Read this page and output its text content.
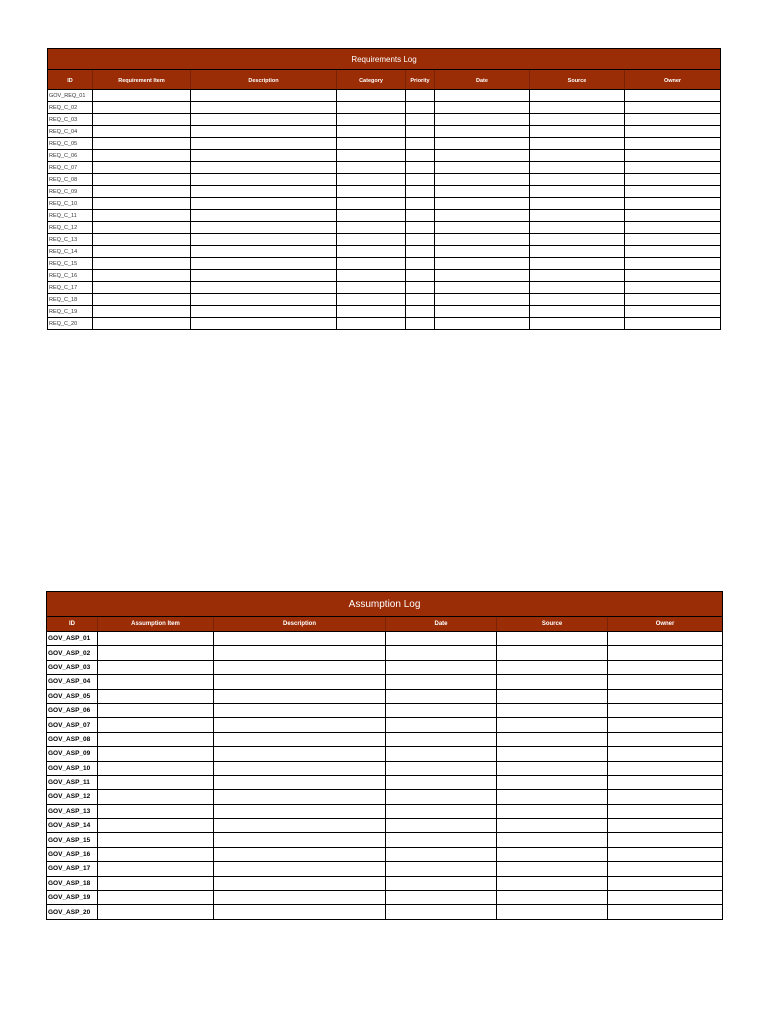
Requirements Log							
ID	Requirement Item	Description	Category	Priority	Date	Source	Owner
GOV_REQ_01							
REQ_C_02							
REQ_C_03							
REQ_C_04							
REQ_C_05							
REQ_C_06							
REQ_C_07							
REQ_C_08							
REQ_C_09							
REQ_C_10							
REQ_C_11							
REQ_C_12							
REQ_C_13							
REQ_C_14							
REQ_C_15							
REQ_C_16							
REQ_C_17							
REQ_C_18							
REQ_C_19							
REQ_C_20							
Assumption Log					
ID	Assumption Item	Description	Date	Source	Owner
GOV_ASP_01					
GOV_ASP_02					
GOV_ASP_03					
GOV_ASP_04					
GOV_ASP_05					
GOV_ASP_06					
GOV_ASP_07					
GOV_ASP_08					
GOV_ASP_09					
GOV_ASP_10					
GOV_ASP_11					
GOV_ASP_12					
GOV_ASP_13					
GOV_ASP_14					
GOV_ASP_15					
GOV_ASP_16					
GOV_ASP_17					
GOV_ASP_18					
GOV_ASP_19					
GOV_ASP_20					
